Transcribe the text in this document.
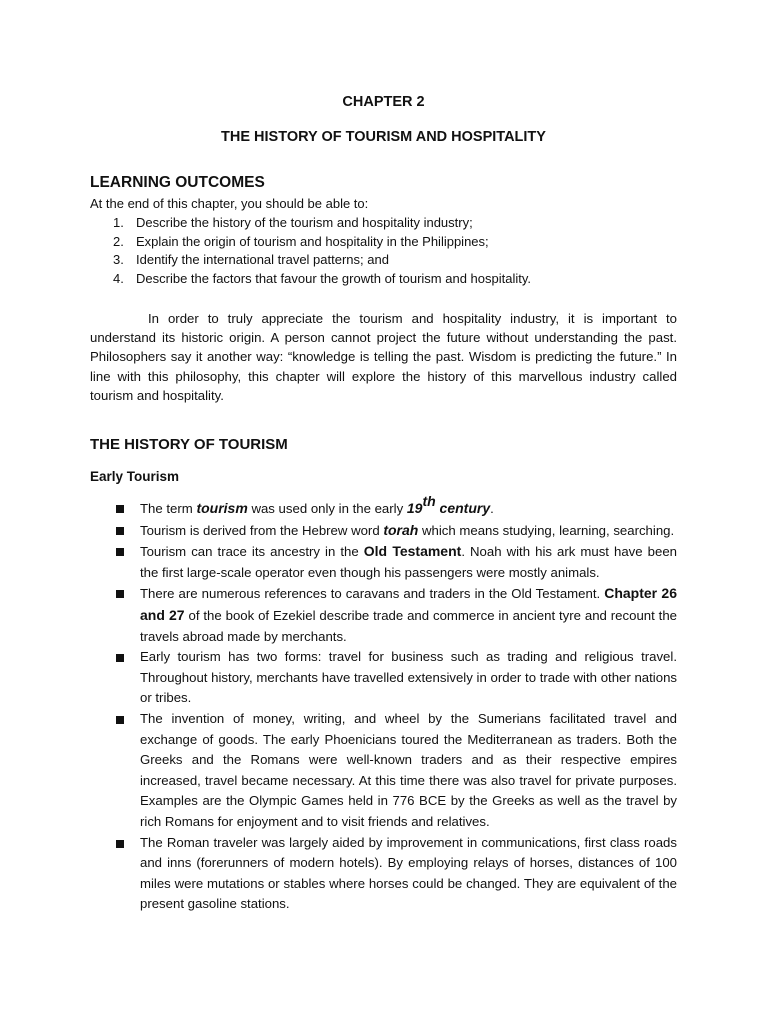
CHAPTER 2
THE HISTORY OF TOURISM AND HOSPITALITY
LEARNING OUTCOMES
At the end of this chapter, you should be able to:
1. Describe the history of the tourism and hospitality industry;
2. Explain the origin of tourism and hospitality in the Philippines;
3. Identify the international travel patterns; and
4. Describe the factors that favour the growth of tourism and hospitality.

In order to truly appreciate the tourism and hospitality industry, it is important to understand its historic origin. A person cannot project the future without understanding the past. Philosophers say it another way: “knowledge is telling the past. Wisdom is predicting the future.” In line with this philosophy, this chapter will explore the history of this marvellous industry called tourism and hospitality.

THE HISTORY OF TOURISM
Early Tourism
The term tourism was used only in the early 19th century.
Tourism is derived from the Hebrew word torah which means studying, learning, searching.
Tourism can trace its ancestry in the Old Testament. Noah with his ark must have been the first large-scale operator even though his passengers were mostly animals.
There are numerous references to caravans and traders in the Old Testament. Chapter 26 and 27 of the book of Ezekiel describe trade and commerce in ancient tyre and recount the travels abroad made by merchants.
Early tourism has two forms: travel for business such as trading and religious travel. Throughout history, merchants have travelled extensively in order to trade with other nations or tribes.
The invention of money, writing, and wheel by the Sumerians facilitated travel and exchange of goods. The early Phoenicians toured the Mediterranean as traders. Both the Greeks and the Romans were well-known traders and as their respective empires increased, travel became necessary. At this time there was also travel for private purposes. Examples are the Olympic Games held in 776 BCE by the Greeks as well as the travel by rich Romans for enjoyment and to visit friends and relatives.
The Roman traveler was largely aided by improvement in communications, first class roads and inns (forerunners of modern hotels). By employing relays of horses, distances of 100 miles were mutations or stables where horses could be changed. They are equivalent of the present gasoline stations.
